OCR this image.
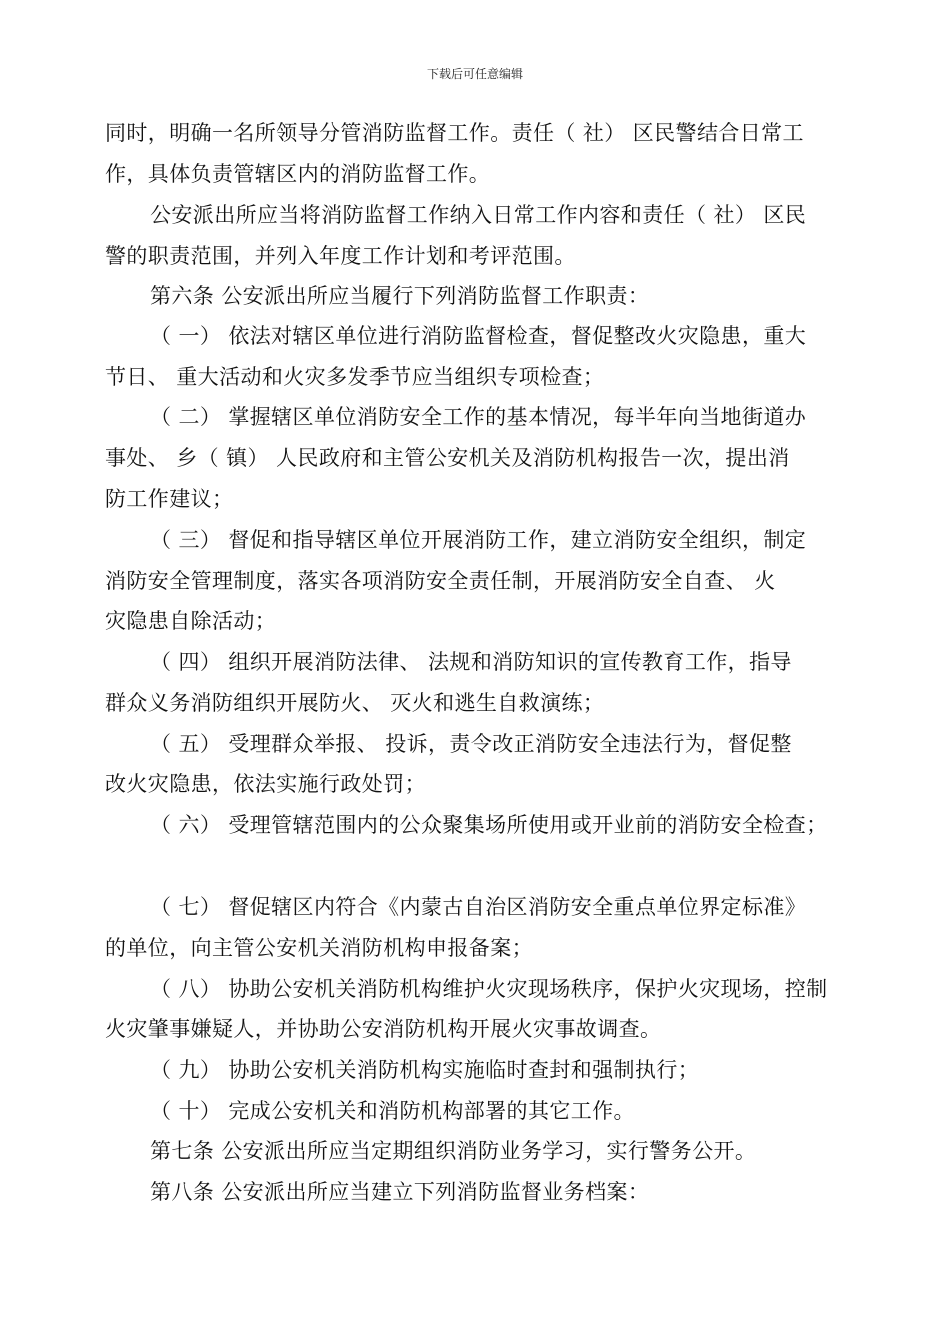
下载后可任意编辑
同时，明确一名所领导分管消防监督工作。责任（ 社） 区民警结合日常工
作，具体负责管辖区内的消防监督工作。
公安派出所应当将消防监督工作纳入日常工作内容和责任（ 社） 区民
警的职责范围，并列入年度工作计划和考评范围。
第六条 公安派出所应当履行下列消防监督工作职责：
（ 一） 依法对辖区单位进行消防监督检查，督促整改火灾隐患，重大
节日、 重大活动和火灾多发季节应当组织专项检查；
（ 二） 掌握辖区单位消防安全工作的基本情况，每半年向当地街道办
事处、 乡（ 镇） 人民政府和主管公安机关及消防机构报告一次，提出消
防工作建议；
（ 三） 督促和指导辖区单位开展消防工作，建立消防安全组织，制定
消防安全管理制度，落实各项消防安全责任制，开展消防安全自查、 火
灾隐患自除活动；
（ 四） 组织开展消防法律、 法规和消防知识的宣传教育工作，指导
群众义务消防组织开展防火、 灭火和逃生自救演练；
（ 五） 受理群众举报、 投诉，责令改正消防安全违法行为，督促整
改火灾隐患，依法实施行政处罚；
（ 六） 受理管辖范围内的公众聚集场所使用或开业前的消防安全检查；
（ 七） 督促辖区内符合《内蒙古自治区消防安全重点单位界定标准》
的单位，向主管公安机关消防机构申报备案；
（ 八） 协助公安机关消防机构维护火灾现场秩序，保护火灾现场，控制
火灾肇事嫌疑人，并协助公安消防机构开展火灾事故调查。
（ 九） 协助公安机关消防机构实施临时查封和强制执行；
（ 十） 完成公安机关和消防机构部署的其它工作。
第七条 公安派出所应当定期组织消防业务学习，实行警务公开。
第八条 公安派出所应当建立下列消防监督业务档案：
